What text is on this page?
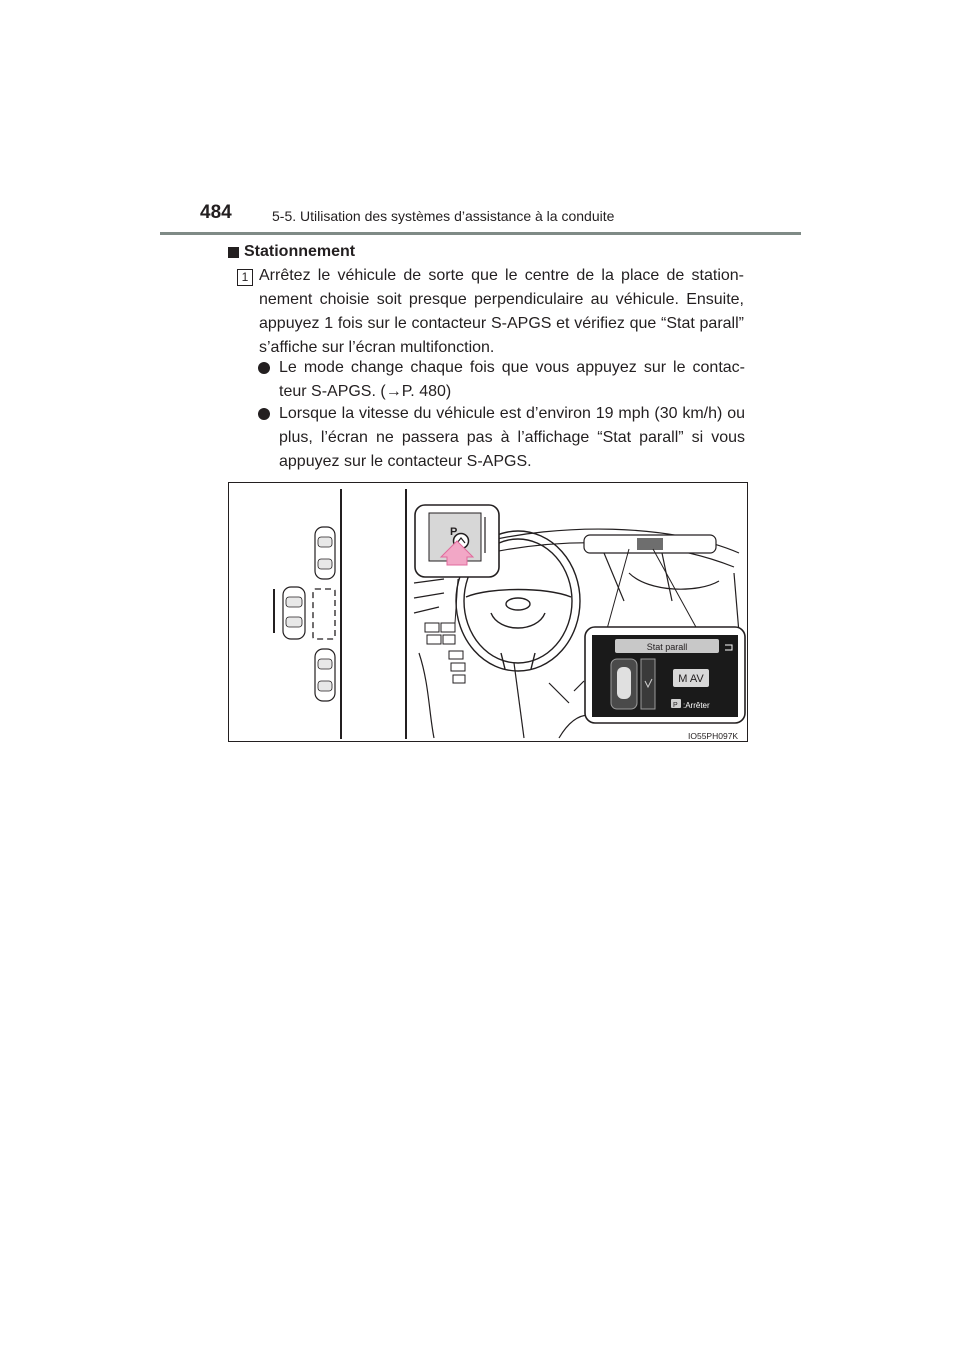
484	5-5. Utilisation des systèmes d’assistance à la conduite
Stationnement
1 Arrêtez le véhicule de sorte que le centre de la place de station-nement choisie soit presque perpendiculaire au véhicule. Ensuite, appuyez 1 fois sur le contacteur S-APGS et vérifiez que “Stat parall” s’affiche sur l’écran multifonction.
Le mode change chaque fois que vous appuyez sur le contac-teur S-APGS. (→P. 480)
Lorsque la vitesse du véhicule est d’environ 19 mph (30 km/h) ou plus, l’écran ne passera pas à l’affichage “Stat parall” si vous appuyez sur le contacteur S-APGS.
P
Stat parall
M AV
P :Arrêter
IO55PH097K
